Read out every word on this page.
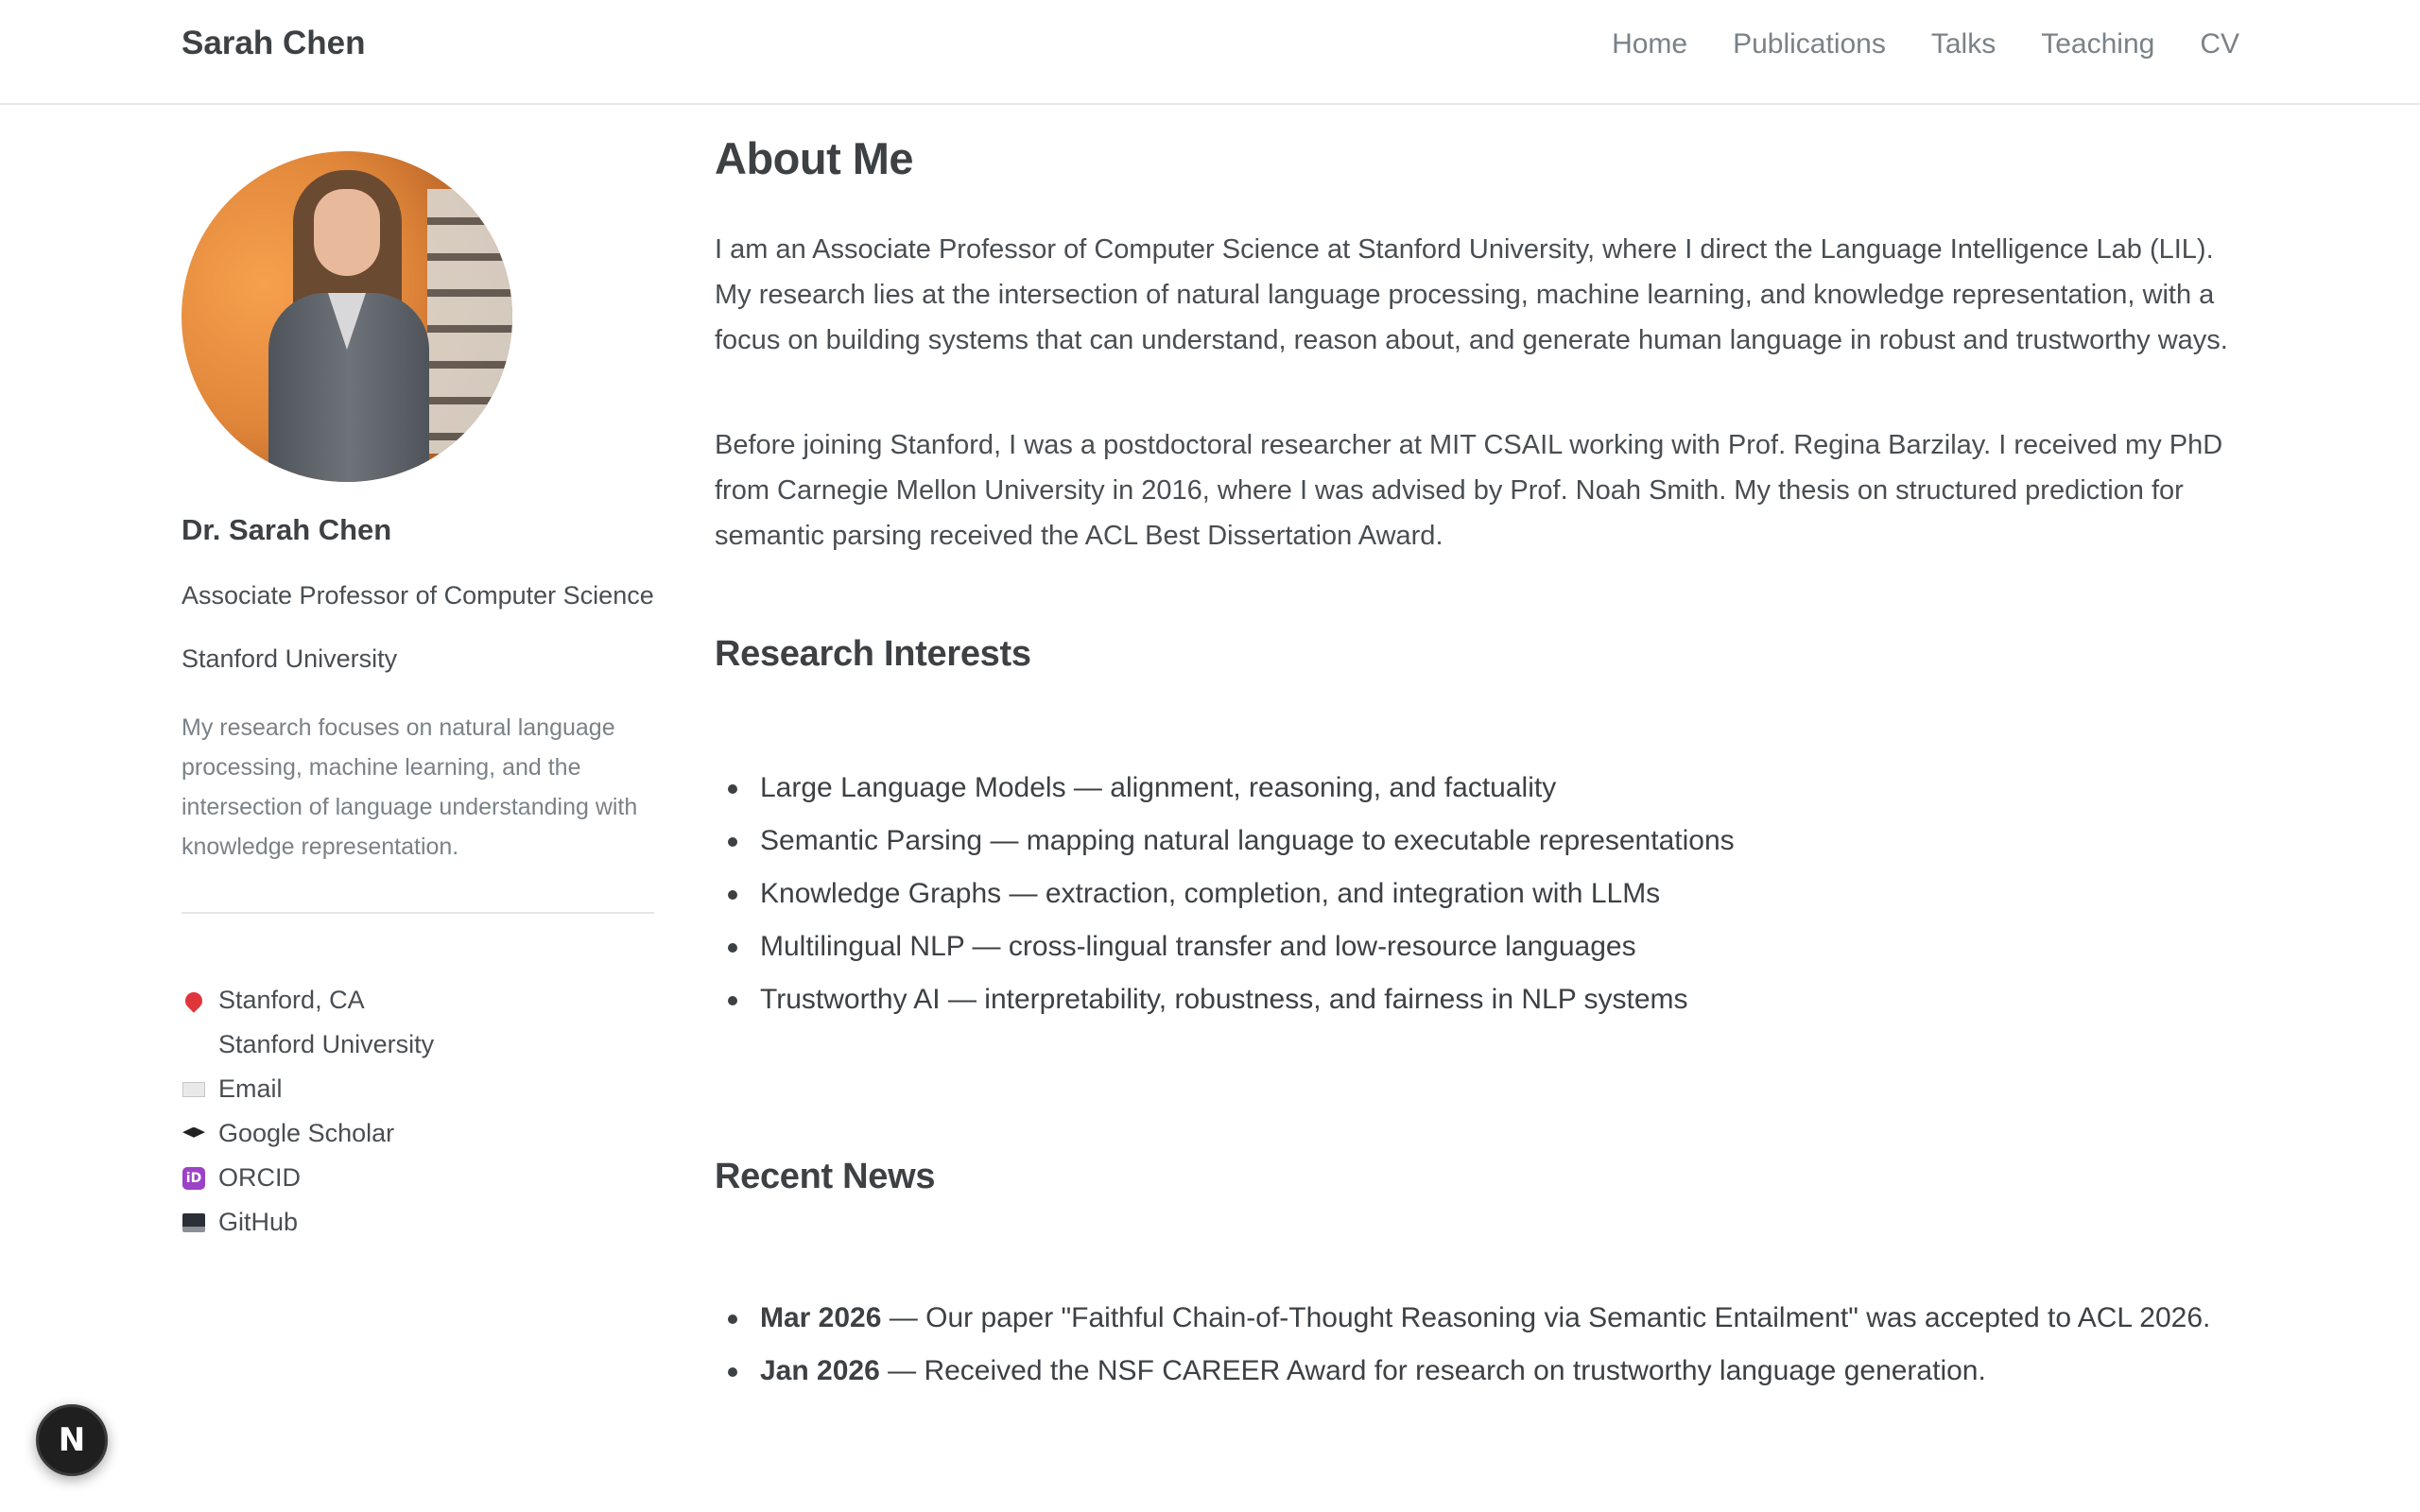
Sarah Chen	Home Publications Talks Teaching CV
Dr. Sarah Chen
Associate Professor of Computer Science
Stanford University
My research focuses on natural language processing, machine learning, and the intersection of language understanding with knowledge representation.
Stanford, CA
Stanford University
Email
Google Scholar
iD ORCID
GitHub
About Me

I am an Associate Professor of Computer Science at Stanford University, where I direct the Language Intelligence Lab (LIL). My research lies at the intersection of natural language processing, machine learning, and knowledge representation, with a focus on building systems that can understand, reason about, and generate human language in robust and trustworthy ways.

Before joining Stanford, I was a postdoctoral researcher at MIT CSAIL working with Prof. Regina Barzilay. I received my PhD from Carnegie Mellon University in 2016, where I was advised by Prof. Noah Smith. My thesis on structured prediction for semantic parsing received the ACL Best Dissertation Award.

Research Interests
Large Language Models — alignment, reasoning, and factuality
Semantic Parsing — mapping natural language to executable representations
Knowledge Graphs — extraction, completion, and integration with LLMs
Multilingual NLP — cross-lingual transfer and low-resource languages
Trustworthy AI — interpretability, robustness, and fairness in NLP systems
Recent News
Mar 2026 — Our paper "Faithful Chain-of-Thought Reasoning via Semantic Entailment" was accepted to ACL 2026.
Jan 2026 — Received the NSF CAREER Award for research on trustworthy language generation.
N
